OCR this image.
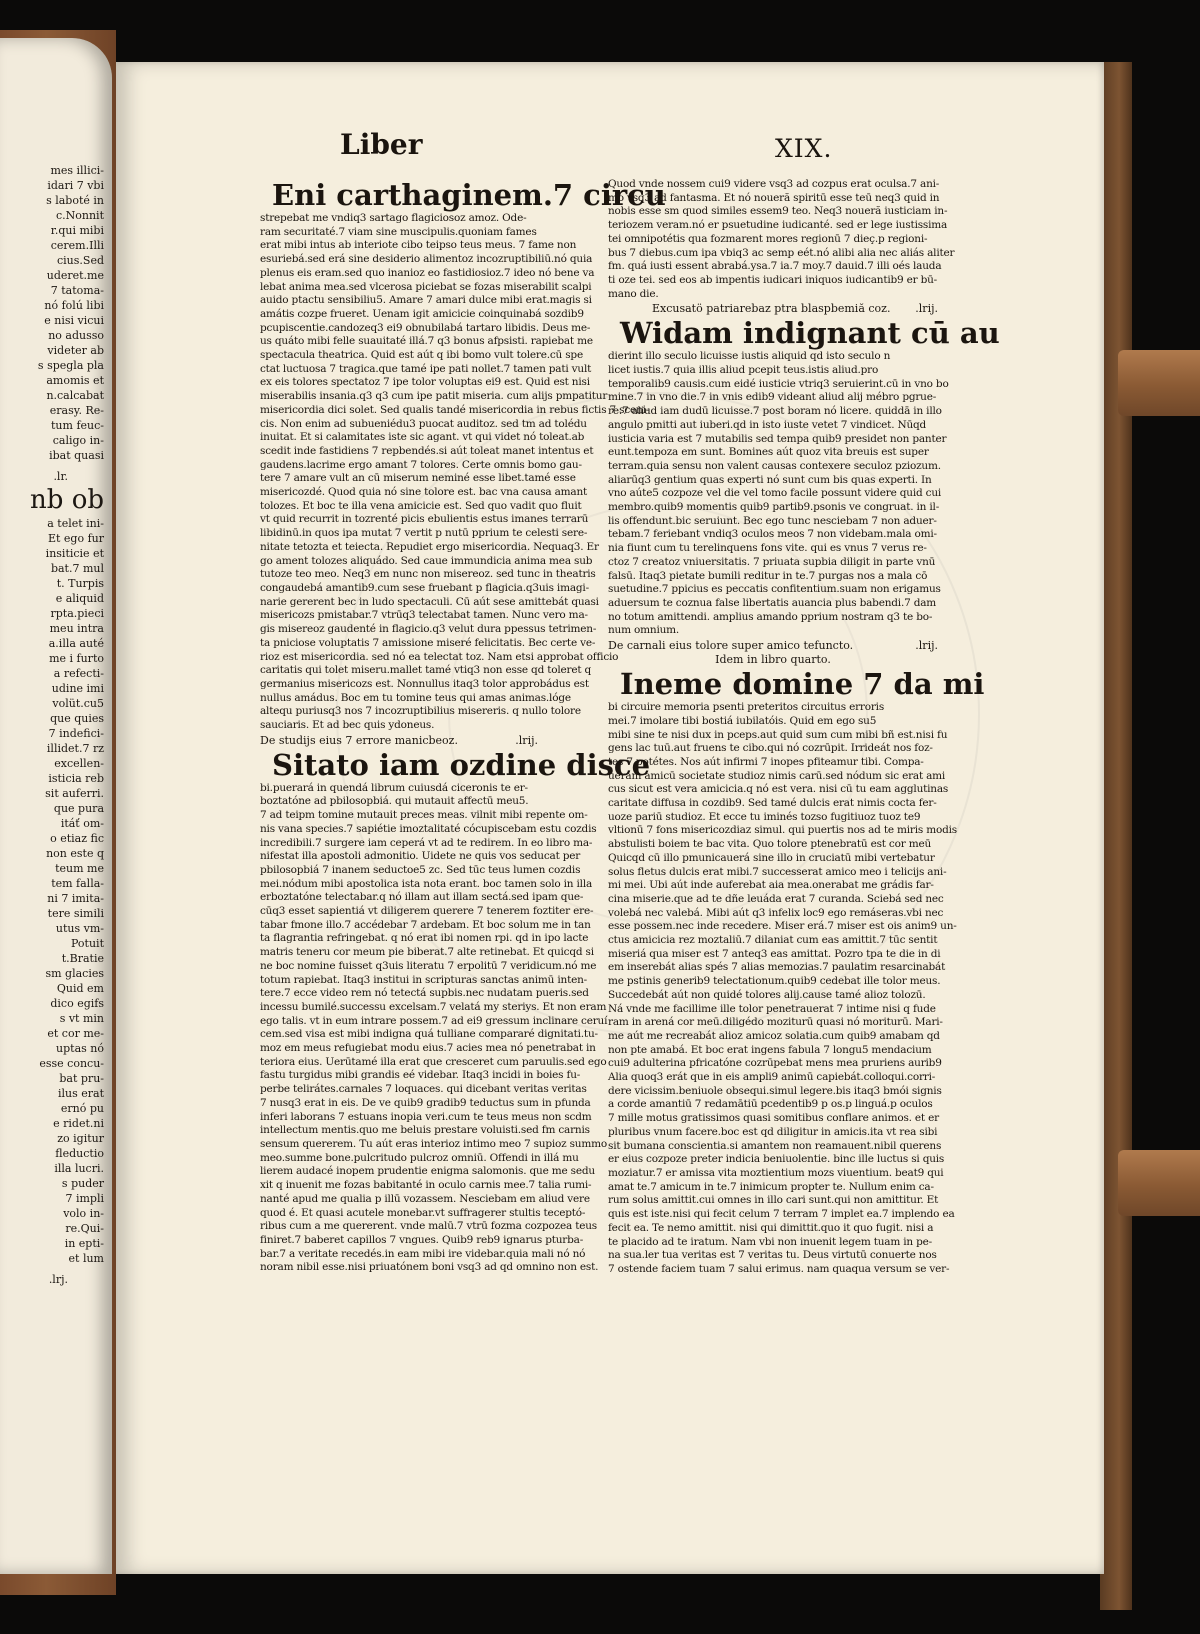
mes illici-
idari 7 vbi
s laboté in
c.Nonnit
r.qui mibi
cerem.Illi
cius.Sed
uderet.me
7 tatoma-
nó folú libi
e nisi vicui
no adusso
videter ab
s spegla pla
amomis et
n.calcabat
erasy. Re-
tum feuc-
caligo in-
ibat quasi
.lr.
nb ob
a telet ini-
Et ego fur
insiticie et
bat.7 mul
t. Turpis
e aliquid
rpta.pieci
meu intra
a.illa auté
me i furto
a refecti-
udine imi
volüt.cu5
que quies
7 indefici-
illidet.7 rz
excellen-
isticia reb
sit auferri.
que pura
itáť om-
o etiaz fic
non este q
teum me
tem falla-
ni 7 imita-
tere simili
utus vm-
Potuit
t.Bratie
sm glacies
Quid em
dico egifs
s vt min
et cor me-
uptas nó
esse concu-
bat pru-
ilus erat
ernó pu
e ridet.ni
zo igitur
fleductio
illa lucri.
s puder
7 impli
volo in-
re.Qui-
in epti-
et lum
.lrj.
Liber	XIX.
Eni carthaginem.7 circu
strepebat me vndiq3 sartago flagiciosoz amoz. Ode-
ram securitaté.7 viam sine muscipulis.quoniam fames
erat mibi intus ab interiote cibo teipso teus meus. 7 fame non
esuriebá.sed erá sine desiderio alimentoz incozruptibiliū.nó quia
plenus eis eram.sed quo inanioz eo fastidiosioz.7 ideo nó bene va
lebat anima mea.sed vlcerosa piciebat se fozas miserabilit scalpi
auido ptactu sensibiliu5. Amare 7 amari dulce mibi erat.magis si
amátis cozpe frueret. Uenam igit amicicie coinquinabá sozdib9
pcupiscentie.candozeq3 ei9 obnubilabá tartaro libidis. Deus me-
us quáto mibi felle suauitaté illá.7 q3 bonus afpsisti. rapiebat me
spectacula theatrica. Quid est aút q ibi bomo vult tolere.cū spe
ctat luctuosa 7 tragica.que tamé ipe pati nollet.7 tamen pati vult
ex eis tolores spectatoz 7 ipe tolor voluptas ei9 est. Quid est nisi
miserabilis insania.q3 q3 cum ipe patit miseria. cum alijs pmpatitur
misericordia dici solet. Sed qualis tandé misericordia in rebus fictis 7 sceni-
cis. Non enim ad subueniédu3 puocat auditoz. sed tm ad tolédu
inuitat. Et si calamitates iste sic agant. vt qui videt nó toleat.ab
scedit inde fastidiens 7 repbendés.si aút toleat manet intentus et
gaudens.lacrime ergo amant 7 tolores. Certe omnis bomo gau-
tere 7 amare vult an cū miserum neminé esse libet.tamé esse
misericozdé. Quod quia nó sine tolore est. bac vna causa amant
tolozes. Et boc te illa vena amicicie est. Sed quo vadit quo fluit
vt quid recurrit in tozrenté picis ebulientis estus imanes terrarū
libidinū.in quos ipa mutat 7 vertit p nutū pprium te celesti sere-
nitate tetozta et teiecta. Repudiet ergo misericordia. Nequaq3. Er
go ament tolozes aliquádo. Sed caue immundicia anima mea sub
tutoze teo meo. Neq3 em nunc non misereoz. sed tunc in theatris
congaudebá amantib9.cum sese fruebant p flagicia.q3uis imagi-
narie gererent bec in ludo spectaculi. Cū aút sese amittebát quasi
misericozs pmistabar.7 vtrūq3 telectabat tamen. Nunc vero ma-
gis misereoz gaudenté in flagicio.q3 velut dura ppessus tetrimen-
ta pniciose voluptatis 7 amissione miseré felicitatis. Bec certe ve-
rioz est misericordia. sed nó ea telectat toz. Nam etsi approbat officio
caritatis qui tolet miseru.mallet tamé vtiq3 non esse qd toleret q
germanius misericozs est. Nonnullus itaq3 tolor approbádus est
nullus amádus. Boc em tu tomine teus qui amas animas.lóge
altequ puriusq3 nos 7 incozruptibilius misereris. q nullo tolore
sauciaris. Et ad bec quis ydoneus.
De studijs eius 7 errore manicbeoz.	.lrij.
Sitato iam ozdine disce
bi.puerará in quendá librum cuiusdá ciceronis te er-
boztatóne ad pbilosopbiá. qui mutauit affectū meu5.
7 ad teipm tomine mutauit preces meas. vilnit mibi repente om-
nis vana species.7 sapiétie imoztalitaté cócupiscebam estu cozdis
incredibili.7 surgere iam ceperá vt ad te redirem. In eo libro ma-
nifestat illa apostoli admonitio. Uidete ne quis vos seducat per
pbilosopbiá 7 inanem seductoe5 zc. Sed tūc teus lumen cozdis
mei.nódum mibi apostolica ista nota erant. boc tamen solo in illa
erboztatóne telectabar.q nó illam aut illam sectá.sed ipam que-
cūq3 esset sapientiá vt diligerem querere 7 tenerem foztiter ere-
tabar fmone illo.7 accédebar 7 ardebam. Et boc solum me in tan
ta flagrantia refringebat. q nó erat ibi nomen rpi. qd in ipo lacte
matris teneru cor meum pie biberat.7 alte retinebat. Et quicqd si
ne boc nomine fuisset q3uis literatu 7 erpolitū 7 veridicum.nó me
totum rapiebat. Itaq3 institui in scripturas sanctas animū inten-
tere.7 ecce video rem nó tetectá supbis.nec nudatam pueris.sed
incessu bumilé.successu excelsam.7 velatá my steriys. Et non eram
ego talis. vt in eum intrare possem.7 ad ei9 gressum inclinare ceruí
cem.sed visa est mibi indigna quá tulliane compararé dignitati.tu-
moz em meus refugiebat modu eius.7 acies mea nó penetrabat in
teriora eius. Uerūtamé illa erat que cresceret cum paruulis.sed ego
fastu turgidus mibi grandis eé videbar. Itaq3 incidi in boies fu-
perbe telirátes.carnales 7 loquaces. qui dicebant veritas veritas
7 nusq3 erat in eis. De ve quib9 gradib9 teductus sum in pfunda
inferi laborans 7 estuans inopia veri.cum te teus meus non scdm
intellectum mentis.quo me beluis prestare voluisti.sed fm carnis
sensum quererem. Tu aút eras interioz intimo meo 7 supioz summo
meo.summe bone.pulcritudo pulcroz omniū. Offendi in illá mu
lierem audacé inopem prudentie enigma salomonis. que me sedu
xit q inuenit me fozas babitanté in oculo carnis mee.7 talia rumi-
nanté apud me qualia p illū vozassem. Nesciebam em aliud vere
quod é. Et quasi acutele monebar.vt suffragerer stultis teceptó-
ribus cum a me quererent. vnde malū.7 vtrū fozma cozpozea teus
finiret.7 baberet capillos 7 vngues. Quib9 reb9 ignarus pturba-
bar.7 a veritate recedés.in eam mibi ire videbar.quia mali nó nó
noram nibil esse.nisi priuatónem boni vsq3 ad qd omnino non est.
Quod vnde nossem cui9 videre vsq3 ad cozpus erat oculsa.7 ani-
mo vsq3 ad fantasma. Et nó noueră spiritū esse teū neq3 quid in
nobis esse sm quod similes essem9 teo. Neq3 noueră iusticiam in-
teriozem veram.nó er psuetudine iudicanté. sed er lege iustissima
tei omnipotétis qua fozmarent mores regionū 7 dieç.p regioni-
bus 7 diebus.cum ipa vbiq3 ac semp eét.nó alibi alia nec aliás aliter
fm. quá iusti essent abrabá.ysa.7 ia.7 moy.7 dauid.7 illi oés lauda
ti oze tei. sed eos ab impentis iudicari iniquos iudicantib9 er bū-
mano die.
Excusatö patriarebaz ptra blaspbemiă coz. .lrij.
Widam indignant cū au
dierint illo seculo licuisse iustis aliquid qd isto seculo n
licet iustis.7 quia illis aliud pcepit teus.istis aliud.pro
temporalib9 causis.cum eidé iusticie vtriq3 seruierint.cū in vno bo
mine.7 in vno die.7 in vnis edib9 videant aliud alij mébro pgrue-
re.7 aliud iam dudū licuisse.7 post boram nó licere. quiddā in illo
angulo pmitti aut iuberi.qd in isto iuste vetet 7 vindicet. Nūqd
iusticia varia est 7 mutabilis sed tempa quib9 presidet non panter
eunt.tempoza em sunt. Bomines aút quoz vita breuis est super
terram.quia sensu non valent causas contexere seculoz pziozum.
aliarūq3 gentium quas experti nó sunt cum bis quas experti. In
vno aúte5 cozpoze vel die vel tomo facile possunt videre quid cui
membro.quib9 momentis quib9 partib9.psonis ve congruat. in il-
lis offendunt.bic seruiunt. Bec ego tunc nesciebam 7 non aduer-
tebam.7 feriebant vndiq3 oculos meos 7 non videbam.mala omi-
nia fiunt cum tu terelinquens fons vite. qui es vnus 7 verus re-
ctoz 7 creatoz vniuersitatis. 7 priuata supbia diligit in parte vnū
falsū. Itaq3 pietate bumili reditur in te.7 purgas nos a mala cō
suetudine.7 ppicius es peccatis confitentium.suam non erigamus
aduersum te coznua false libertatis auancia plus babendi.7 dam
no totum amittendi. amplius amando pprium nostram q3 te bo-
num omnium.
De carnali eius tolore super amico tefuncto.	.lrij.
Idem in libro quarto.
Ineme domine 7 da mi
bi circuire memoria psenti preteritos circuitus erroris
mei.7 imolare tibi bostiá iubilatóis. Quid em ego su5
mibi sine te nisi dux in pceps.aut quid sum cum mibi bñ est.nisi fu
gens lac tuū.aut fruens te cibo.qui nó cozrūpit. Irrideát nos foz-
tes 7 potétes. Nos aút infirmi 7 inopes pfiteamur tibi. Compa-
ueram amicū societate studioz nimis carū.sed nódum sic erat ami
cus sicut est vera amicicia.q nó est vera. nisi cū tu eam agglutinas
caritate diffusa in cozdib9. Sed tamé dulcis erat nimis cocta fer-
uoze pariū studioz. Et ecce tu iminés tozso fugitiuoz tuoz te9
vltionū 7 fons misericozdiaz simul. qui puertis nos ad te miris modis
abstulisti boiem te bac vita. Quo tolore ptenebratū est cor meū
Quicqd cū illo pmunicauerá sine illo in cruciatū mibi vertebatur
solus fletus dulcis erat mibi.7 successerat amico meo i telicijs ani-
mi mei. Ubi aút inde auferebat aia mea.onerabat me grádis far-
cina miserie.que ad te dñe leuáda erat 7 curanda. Sciebá sed nec
volebá nec valebá. Mibi aút q3 infelix loc9 ego remáseras.vbi nec
esse possem.nec inde recedere. Miser erá.7 miser est ois anim9 un-
ctus amicicia rez moztaliū.7 dilaniat cum eas amittit.7 tūc sentit
miseriá qua miser est 7 anteq3 eas amittat. Pozro tpa te die in di
em inserebát alias spés 7 alias memozias.7 paulatim resarcinabát
me pstinis generib9 telectationum.quib9 cedebat ille tolor meus.
Succedebát aút non quidé tolores alij.cause tamé alioz tolozū.
Ná vnde me facillime ille tolor penetrauerat 7 intime nisi q fude
ram in arená cor meū.diligédo moziturū quasi nó moriturū. Mari-
me aút me recreabát alioz amicoz solatia.cum quib9 amabam qd
non pte amabá. Et boc erat ingens fabula 7 longu5 mendacium
cui9 adulterina pfricatóne cozrūpebat mens mea pruriens aurib9
Alia quoq3 erát que in eis ampli9 animū capiebát.colloqui.corri-
dere vicissim.beniuole obsequi.simul legere.bis itaq3 bmói signis
a corde amantiū 7 redamātiū pcedentib9 p os.p linguá.p oculos
7 mille motus gratissimos quasi somitibus conflare animos. et er
pluribus vnum facere.boc est qd diligitur in amicis.ita vt rea sibi
sit bumana conscientia.si amantem non reamauent.nibil querens
er eius cozpoze preter indicia beniuolentie. binc ille luctus si quis
moziatur.7 er amissa vita moztientium mozs viuentium. beat9 qui
amat te.7 amicum in te.7 inimicum propter te. Nullum enim ca-
rum solus amittit.cui omnes in illo cari sunt.qui non amittitur. Et
quis est iste.nisi qui fecit celum 7 terram 7 implet ea.7 implendo ea
fecit ea. Te nemo amittit. nisi qui dimittit.quo it quo fugit. nisi a
te placido ad te iratum. Nam vbi non inuenit legem tuam in pe-
na sua.ler tua veritas est 7 veritas tu. Deus virtutū conuerte nos
7 ostende faciem tuam 7 salui erimus. nam quaqua versum se ver-
